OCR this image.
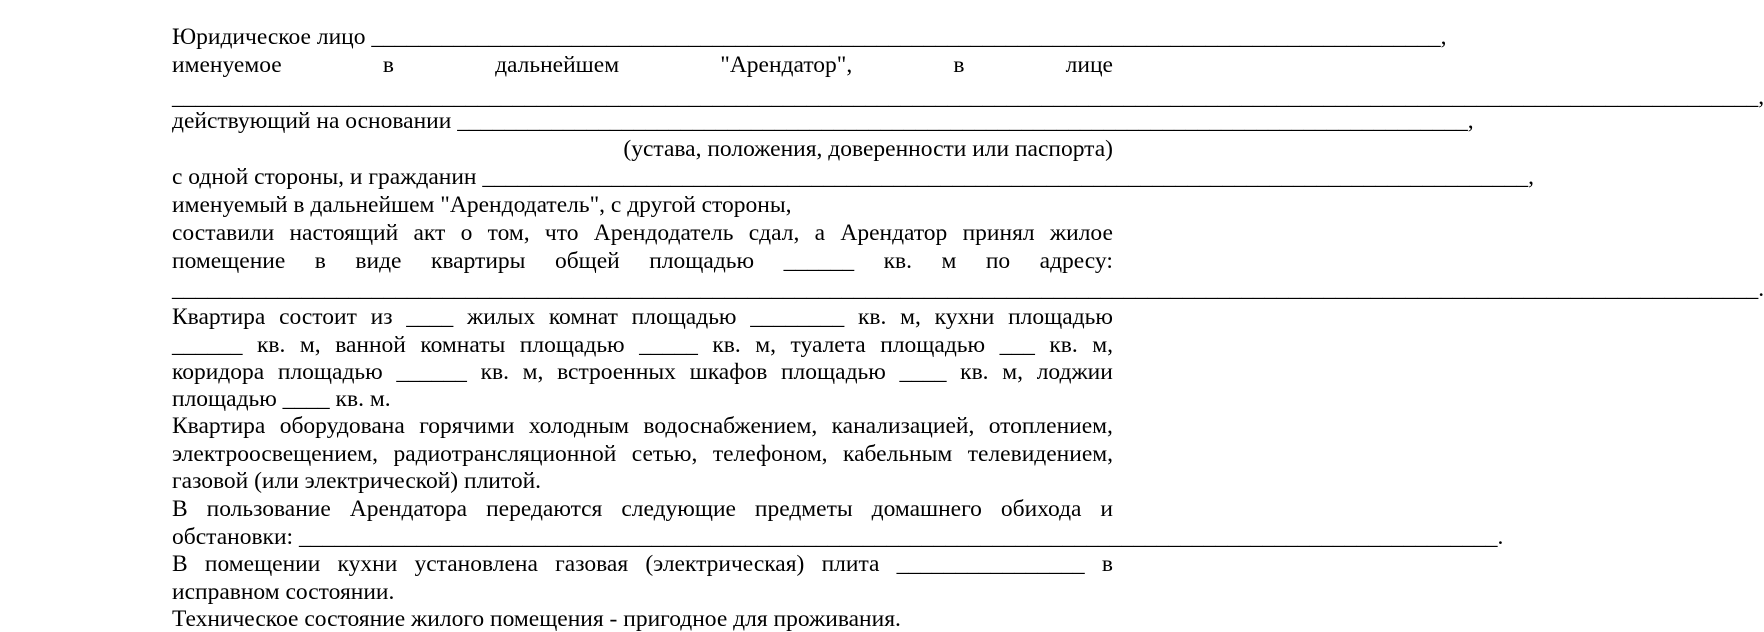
Юридическое лицо ___________________________________________________________________________________________ ,
именуемое	в	дальнейшем	"Арендатор",	в	лице
_______________________________________________________________________________________________________________________________________ ,
действующий на основании ______________________________________________________________________________________ ,
(устава, положения, доверенности или паспорта)
с одной стороны, и гражданин _________________________________________________________________________________________ ,
именуемый в дальнейшем "Арендодатель", с другой стороны,
составили настоящий акт о том, что Арендодатель сдал, а Арендатор принял жилое
помещение в виде квартиры общей площадью ______ кв. м по адресу:
_______________________________________________________________________________________________________________________________________ .
Квартира состоит из ____ жилых комнат площадью ________ кв. м, кухни площадью
______ кв. м, ванной комнаты площадью _____ кв. м, туалета площадью ___ кв. м,
коридора площадью ______ кв. м, встроенных шкафов площадью ____ кв. м, лоджии
площадью ____ кв. м.
Квартира оборудована горячими холодным водоснабжением, канализацией, отоплением,
электроосвещением, радиотрансляционной сетью, телефоном, кабельным телевидением,
газовой (или электрической) плитой.
В пользование Арендатора передаются следующие предметы домашнего обихода и
обстановки: ______________________________________________________________________________________________________ .
В помещении кухни установлена газовая (электрическая) плита ________________ в
исправном состоянии.
Техническое состояние жилого помещения - пригодное для проживания.
